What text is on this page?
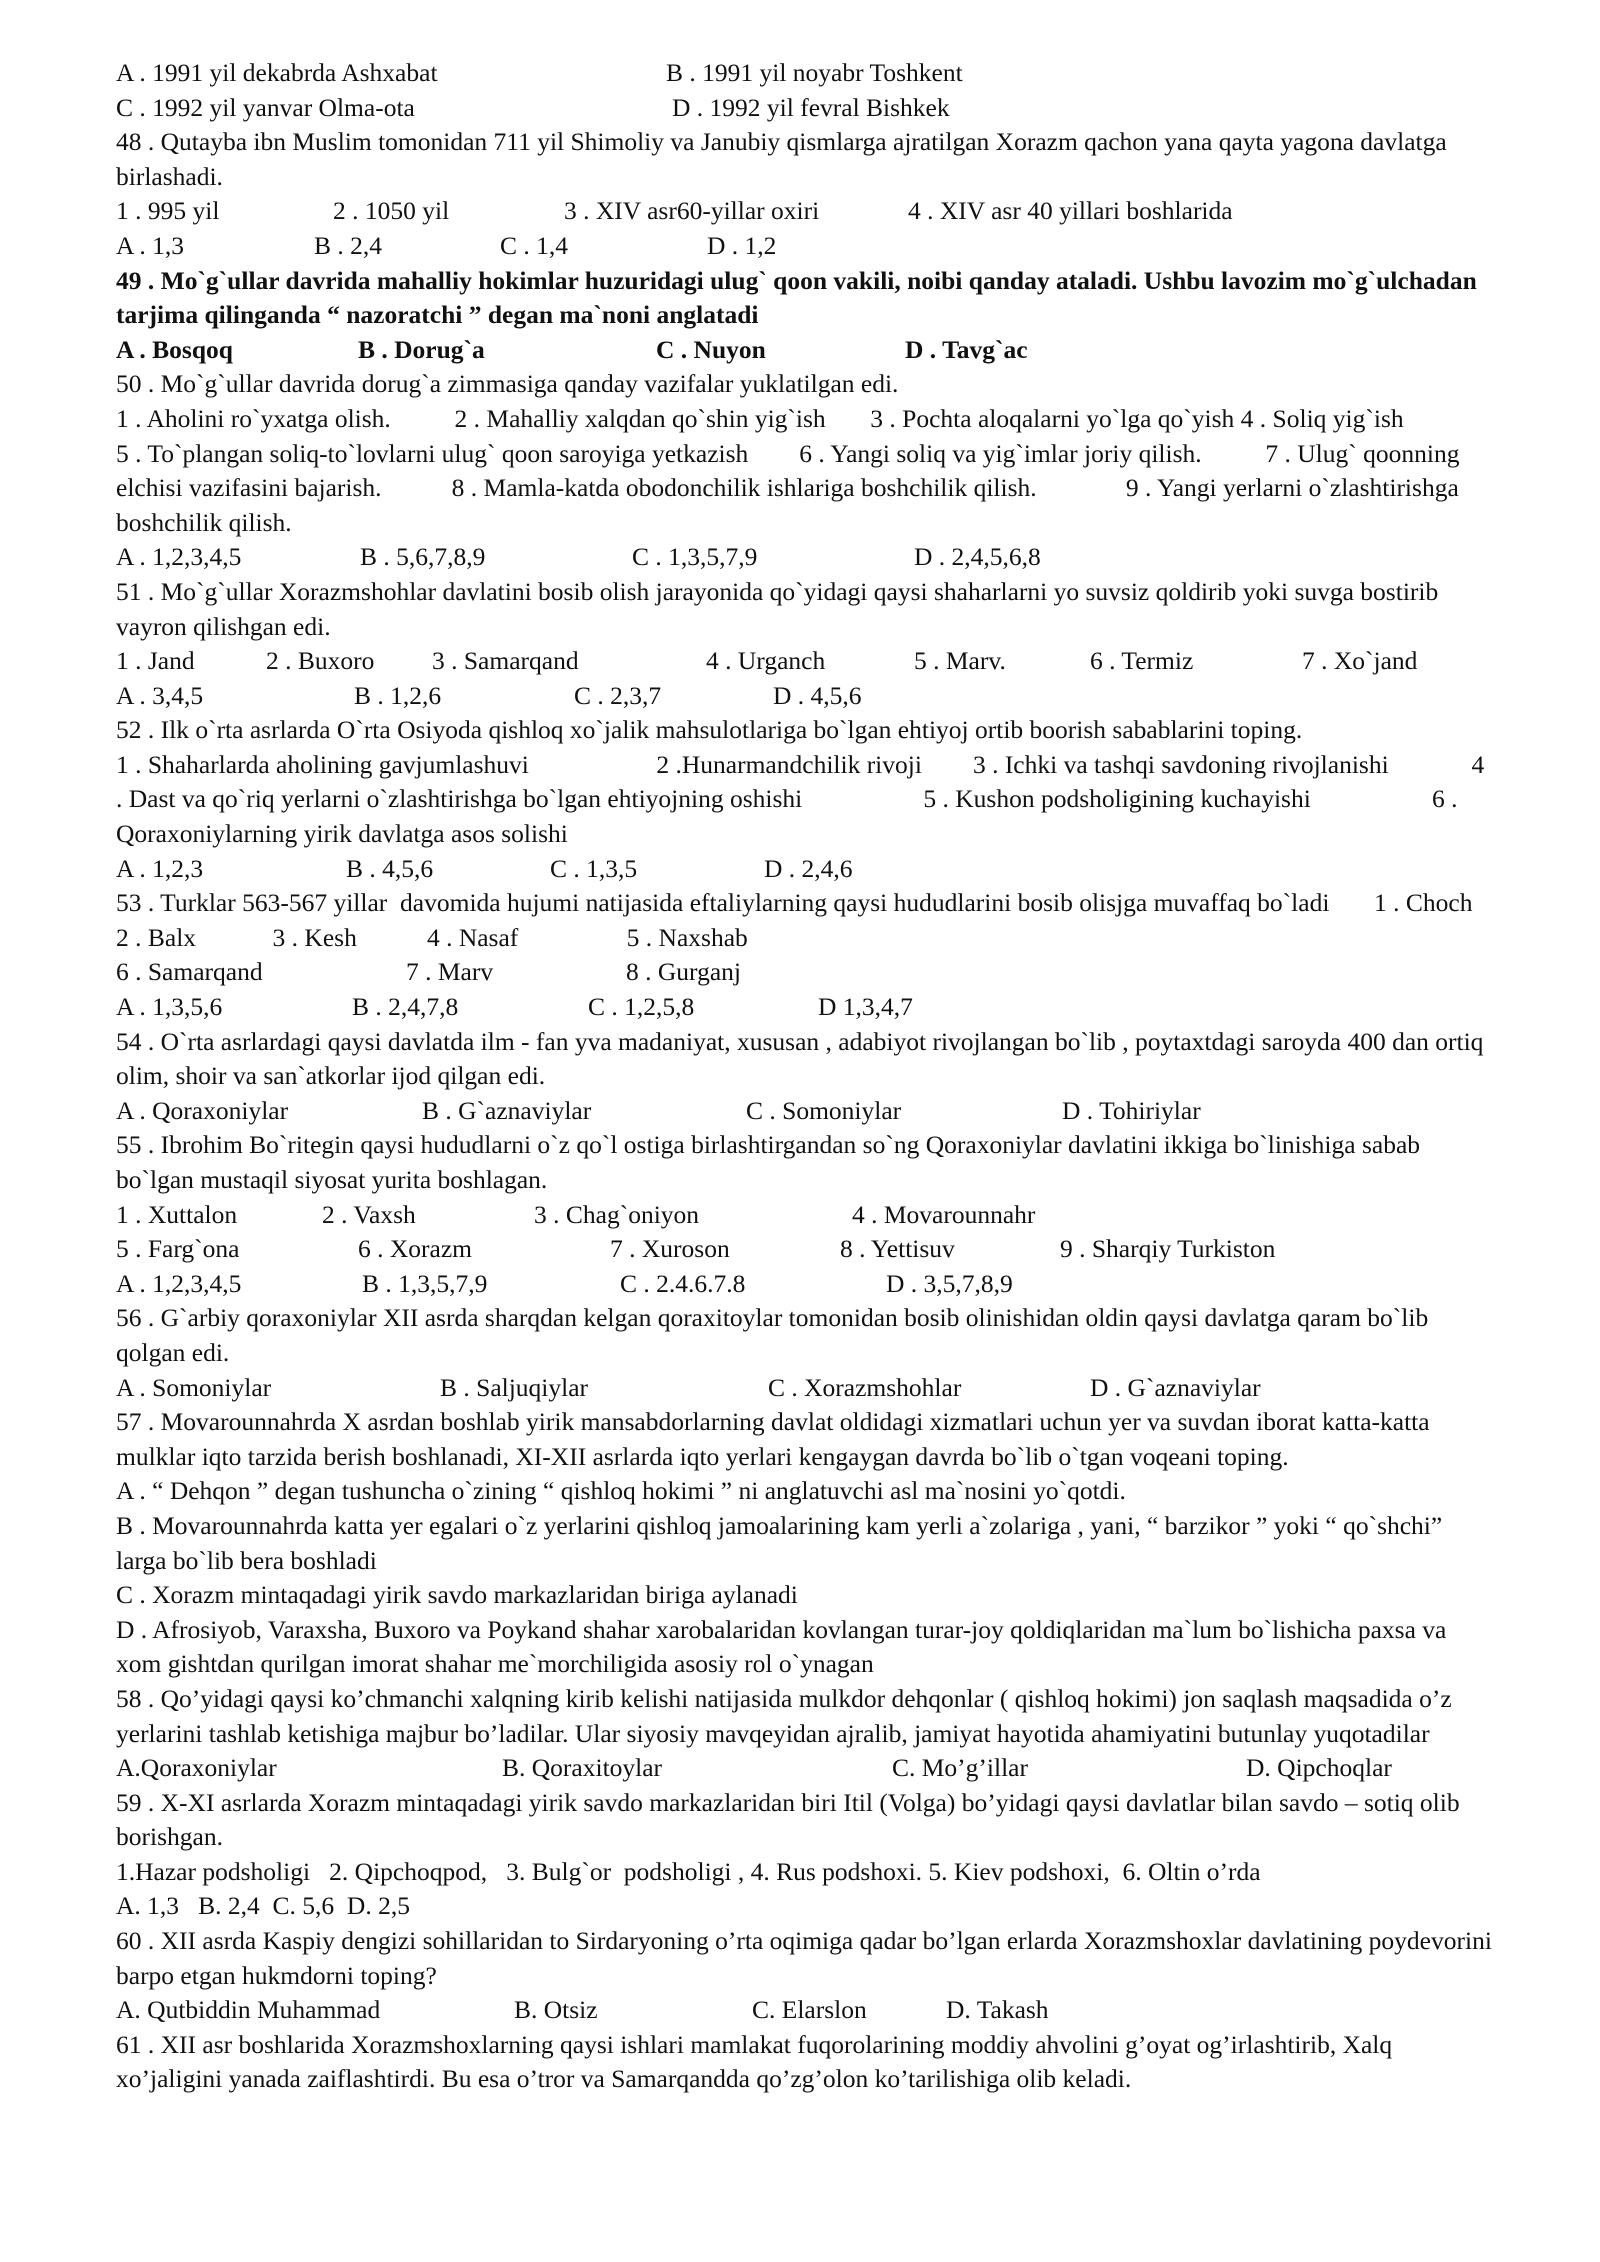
A . 1991 yil dekabrda Ashxabat	B . 1991 yil noyabr Toshkent
C . 1992 yil yanvar Olma-ota	D . 1992 yil fevral Bishkek
48 . Qutayba ibn Muslim tomonidan 711 yil Shimoliy va Janubiy qismlarga ajratilgan Xorazm qachon yana qayta yagona davlatga birlashadi.
1 . 995 yil	2 . 1050 yil	3 . XIV asr60-yillar oxiri	4 . XIV asr 40 yillari boshlarida
A . 1,3	B . 2,4	C . 1,4	D . 1,2
49 . Mo`g`ullar davrida mahalliy hokimlar huzuridagi ulug` qoon vakili, noibi qanday ataladi. Ushbu lavozim mo`g`ulchadan tarjima qilinganda “ nazoratchi ” degan ma`noni anglatadi
A . Bosqoq	B . Dorug`a	C . Nuyon	D . Tavg`ac
50 . Mo`g`ullar davrida dorug`a zimmasiga qanday vazifalar yuklatilgan edi.
1 . Aholini ro`yxatga olish.          2 . Mahalliy xalqdan qo`shin yig`ish       3 . Pochta aloqalarni yo`lga qo`yish 4 . Soliq yig`ish               5 . To`plangan soliq-to`lovlarni ulug` qoon saroyiga yetkazish        6 . Yangi soliq va yig`imlar joriy qilish.          7 . Ulug` qoonning elchisi vazifasini bajarish.           8 . Mamla-katda obodonchilik ishlariga boshchilik qilish.              9 . Yangi yerlarni o`zlashtirishga boshchilik qilish.
A . 1,2,3,4,5	B . 5,6,7,8,9	C . 1,3,5,7,9	D . 2,4,5,6,8
51 . Mo`g`ullar Xorazmshohlar davlatini bosib olish jarayonida qo`yidagi qaysi shaharlarni yo suvsiz qoldirib yoki suvga bostirib vayron qilishgan edi.
1 . Jand	2 . Buxoro 3 . Samarqand	4 . Urganch	5 . Marv.	6 . Termiz	7 . Xo`jand
A . 3,4,5	B . 1,2,6	C . 2,3,7	D . 4,5,6
52 . Ilk o`rta asrlarda O`rta Osiyoda qishloq xo`jalik mahsulotlariga bo`lgan ehtiyoj ortib boorish sabablarini toping.
1 . Shaharlarda aholining gavjumlashuvi                    2 .Hunarmandchilik rivoji        3 . Ichki va tashqi savdoning rivojlanishi             4 . Dast va qo`riq yerlarni o`zlashtirishga bo`lgan ehtiyojning oshishi                   5 . Kushon podsholigining kuchayishi                   6 . Qoraxoniylarning yirik davlatga asos solishi
A . 1,2,3	B . 4,5,6	C . 1,3,5	D . 2,4,6
53 . Turklar 563-567 yillar  davomida hujumi natijasida eftaliylarning qaysi hududlarini bosib olisjga muvaffaq bo`ladi       1 . Choch          2 . Balx            3 . Kesh           4 . Nasaf                 5 . Naxshab
6 . Samarqand	7 . Marv	8 . Gurganj
A . 1,3,5,6	B . 2,4,7,8	C . 1,2,5,8	D 1,3,4,7
54 . O`rta asrlardagi qaysi davlatda ilm - fan yva madaniyat, xususan , adabiyot rivojlangan bo`lib , poytaxtdagi saroyda 400 dan ortiq olim, shoir va san`atkorlar ijod qilgan edi.
A . Qoraxoniylar	B . G`aznaviylar	C . Somoniylar	D . Tohiriylar
55 . Ibrohim Bo`ritegin qaysi hududlarni o`z qo`l ostiga birlashtirgandan so`ng Qoraxoniylar davlatini ikkiga bo`linishiga sabab bo`lgan mustaqil siyosat yurita boshlagan.
1 . Xuttalon	2 . Vaxsh	3 . Chag`oniyon	4 . Movarounnahr
5 . Farg`ona	6 . Xorazm	7 . Xuroson	8 . Yettisuv	9 . Sharqiy Turkiston
A . 1,2,3,4,5	B . 1,3,5,7,9	C . 2.4.6.7.8	D . 3,5,7,8,9
56 . G`arbiy qoraxoniylar XII asrda sharqdan kelgan qoraxitoylar tomonidan bosib olinishidan oldin qaysi davlatga qaram bo`lib qolgan edi.
A . Somoniylar	B . Saljuqiylar	C . Xorazmshohlar	D . G`aznaviylar
57 . Movarounnahrda X asrdan boshlab yirik mansabdorlarning davlat oldidagi xizmatlari uchun yer va suvdan iborat katta-katta mulklar iqto tarzida berish boshlanadi, XI-XII asrlarda iqto yerlari kengaygan davrda bo`lib o`tgan voqeani toping.
A . “ Dehqon ” degan tushuncha o`zining “ qishloq hokimi ” ni anglatuvchi asl ma`nosini yo`qotdi.
B . Movarounnahrda katta yer egalari o`z yerlarini qishloq jamoalarining kam yerli a`zolariga , yani, “ barzikor ” yoki “ qo`shchi” larga bo`lib bera boshladi
C . Xorazm mintaqadagi yirik savdo markazlaridan biriga aylanadi
D . Afrosiyob, Varaxsha, Buxoro va Poykand shahar xarobalaridan kovlangan turar-joy qoldiqlaridan ma`lum bo`lishicha paxsa va xom gishtdan qurilgan imorat shahar me`morchiligida asosiy rol o`ynagan
58 . Qo’yidagi qaysi ko’chmanchi xalqning kirib kelishi natijasida mulkdor dehqonlar ( qishloq hokimi) jon saqlash maqsadida o’z yerlarini tashlab ketishiga majbur bo’ladilar. Ular siyosiy mavqeyidan ajralib, jamiyat hayotida ahamiyatini butunlay yuqotadilar
A.Qoraxoniylar	B. Qoraxitoylar	C. Mo’g’illar	D. Qipchoqlar
59 . X-XI asrlarda Xorazm mintaqadagi yirik savdo markazlaridan biri Itil (Volga) bo’yidagi qaysi davlatlar bilan savdo – sotiq olib borishgan.
1.Hazar podsholigi   2. Qipchoqpod,   3. Bulg`or  podsholigi , 4. Rus podshoxi. 5. Kiev podshoxi,  6. Oltin o’rda
A. 1,3   B. 2,4  C. 5,6  D. 2,5
60 . XII asrda Kaspiy dengizi sohillaridan to Sirdaryoning o’rta oqimiga qadar bo’lgan erlarda Xorazmshoxlar davlatining poydevorini barpo etgan hukmdorni toping?
A. Qutbiddin Muhammad	B. Otsiz	C. Elarslon	D. Takash
61 . XII asr boshlarida Xorazmshoxlarning qaysi ishlari mamlakat fuqorolarining moddiy ahvolini g’oyat og’irlashtirib, Xalq xo’jaligini yanada zaiflashtirdi. Bu esa o’tror va Samarqandda qo’zg’olon ko’tarilishiga olib keladi.
